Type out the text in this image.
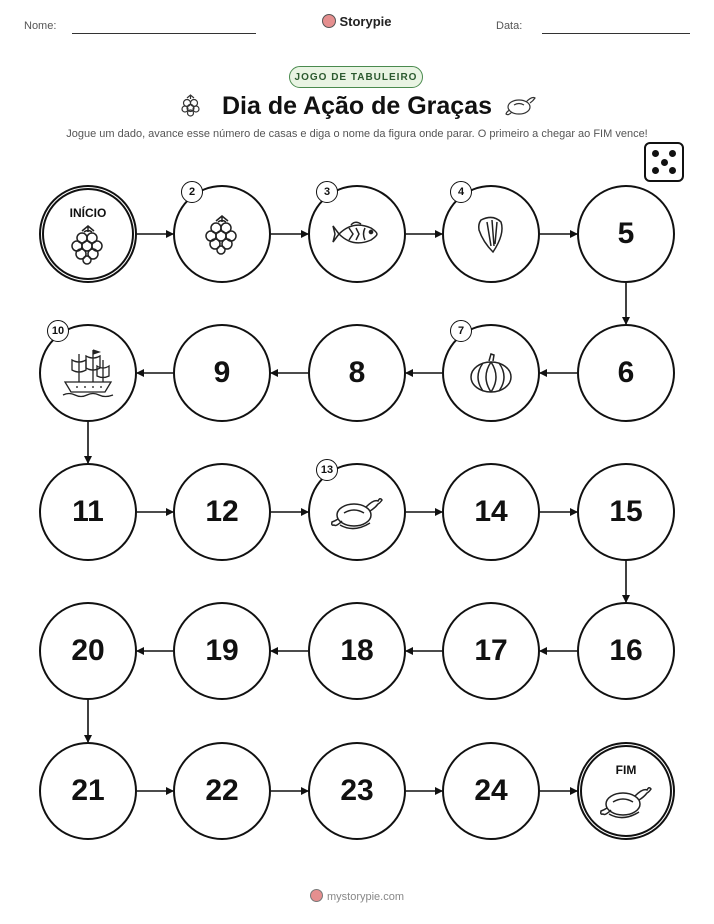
Nome:	Storypie	Data:
JOGO DE TABULEIRO
Dia de Ação de Graças
Jogue um dado, avance esse número de casas e diga o nome da figura onde parar. O primeiro a chegar ao FIM vence!
INÍCIO
2	3	4
5
6
7
8
9
10
11	12
13
14	15
16
17
18
19
20
21	22	23	24
FIM
mystorypie.com
